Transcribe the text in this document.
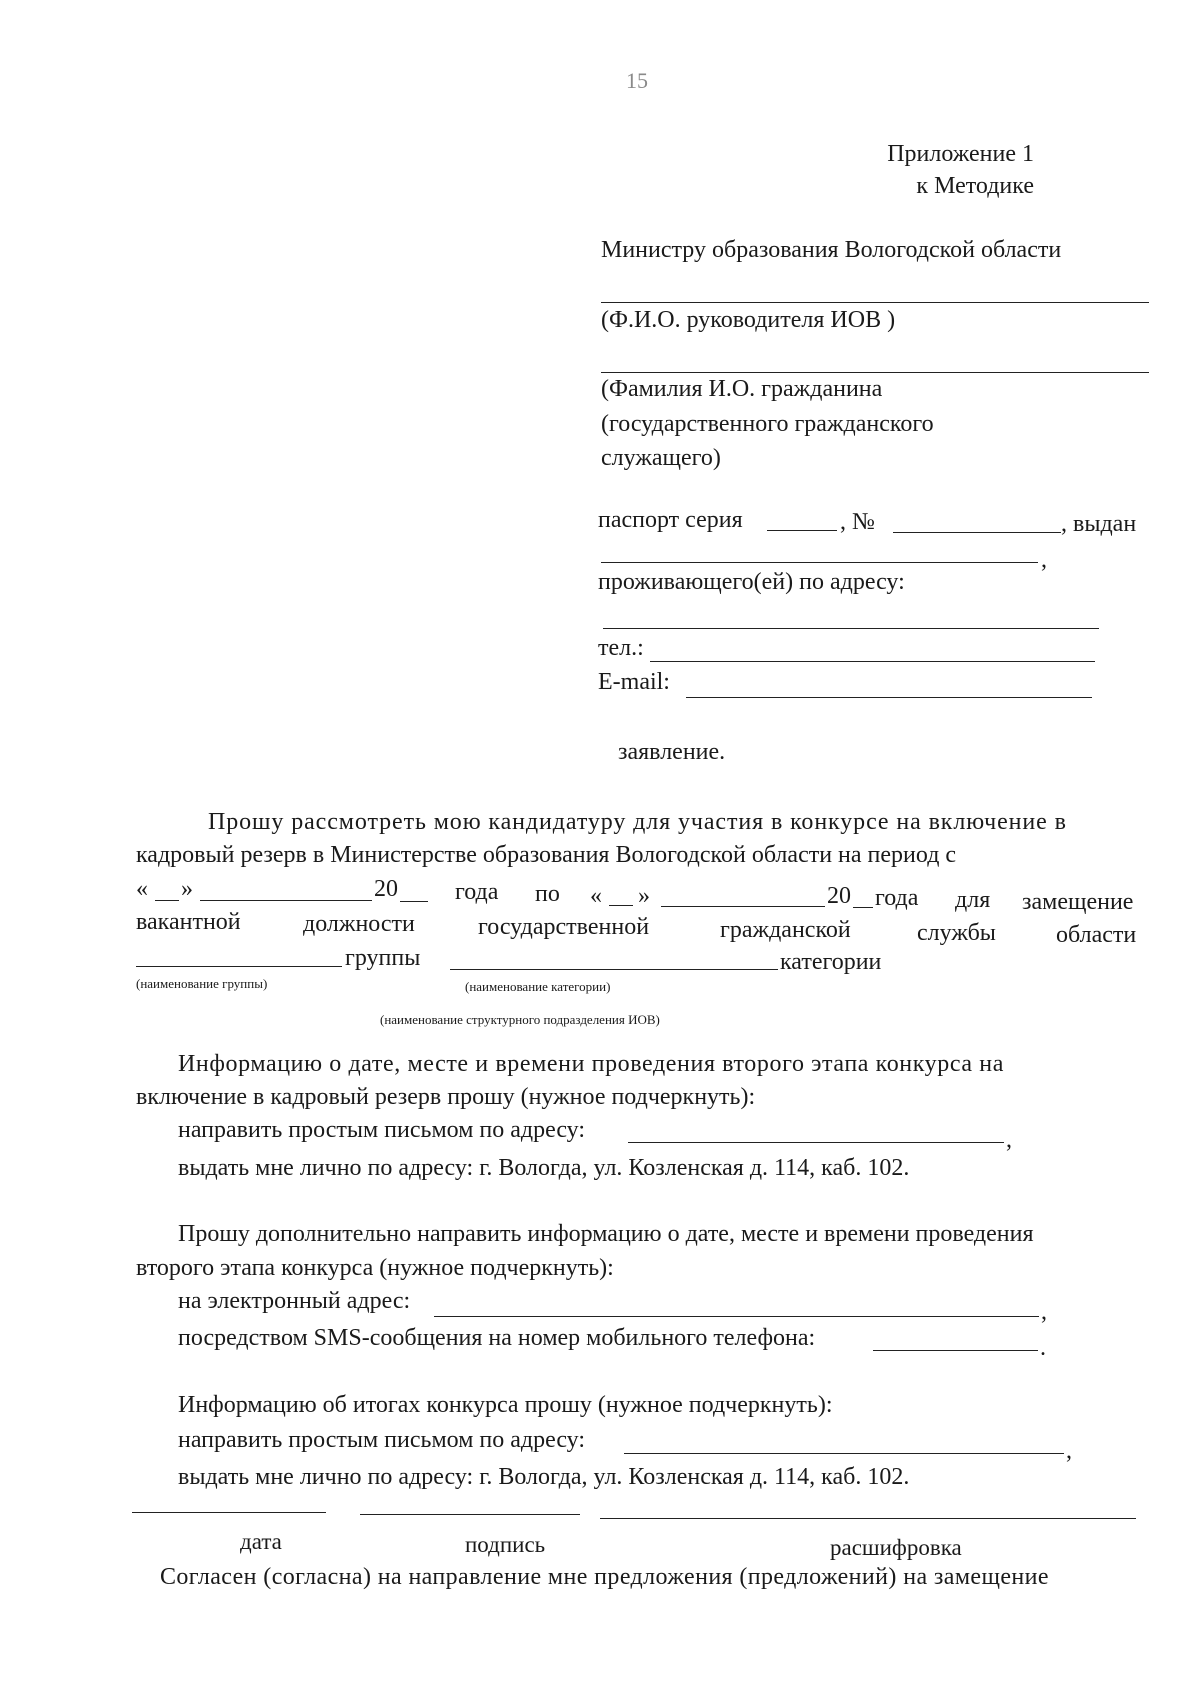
15
Приложение 1
к Методике
Министру образования Вологодской области
(Ф.И.О. руководителя ИОВ )
(Фамилия И.О. гражданина
(государственного гражданского
служащего)
паспорт серия	, №	, выдан
,
проживающего(ей) по адресу:
тел.:
E-mail:
заявление.
Прошу рассмотреть мою кандидатуру для участия в конкурсе на включение в
кадровый резерв в Министерстве образования Вологодской области на период с
« »	20 года по « »	20 года для замещение
вакантной	должности	государственной	гражданской	службы	области
группы	категории
(наименование группы)	(наименование категории)
(наименование структурного подразделения ИОВ)
Информацию о дате, месте и времени проведения второго этапа конкурса на
включение в кадровый резерв прошу (нужное подчеркнуть):
направить простым письмом по адресу:	,
выдать мне лично по адресу: г. Вологда, ул. Козленская д. 114, каб. 102.
Прошу дополнительно направить информацию о дате, месте и времени проведения
второго этапа конкурса (нужное подчеркнуть):
на электронный адрес:	,
посредством SMS-сообщения на номер мобильного телефона:	.
Информацию об итогах конкурса прошу (нужное подчеркнуть):
направить простым письмом по адресу:	,
выдать мне лично по адресу: г. Вологда, ул. Козленская д. 114, каб. 102.
дата	подпись	расшифровка
Согласен (согласна) на направление мне предложения (предложений) на замещение
